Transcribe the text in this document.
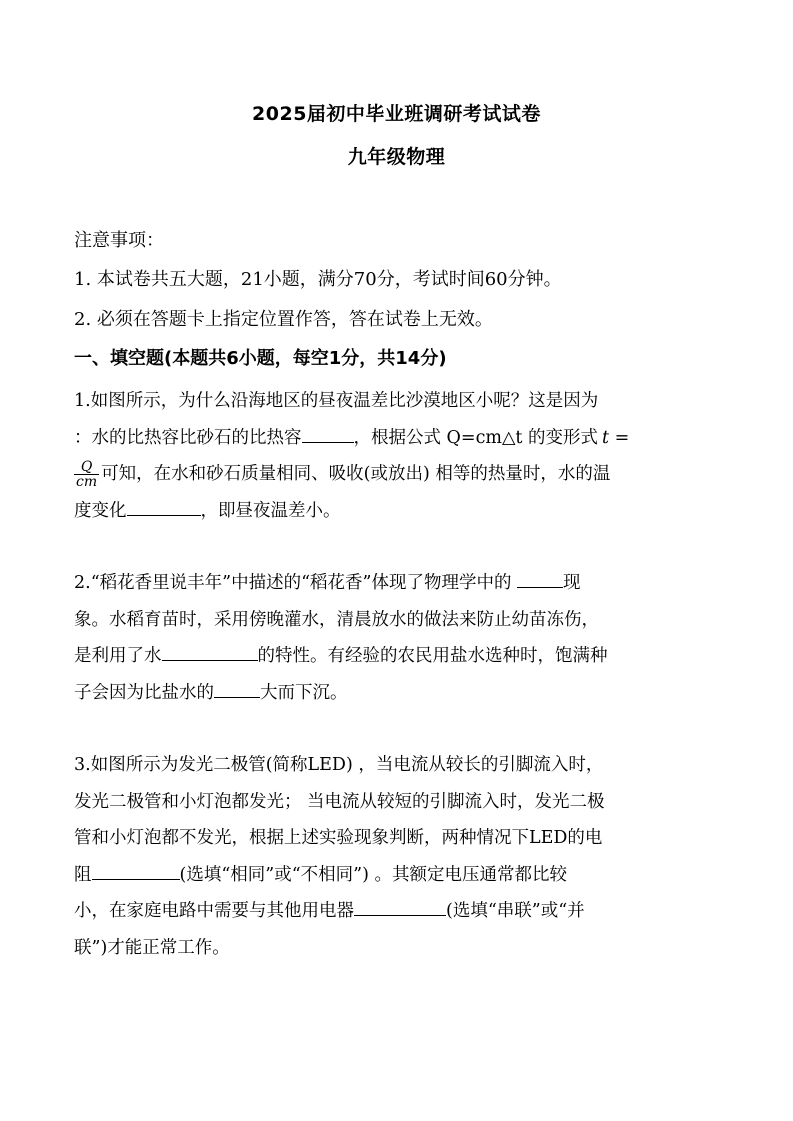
2025届初中毕业班调研考试试卷
九年级物理
注意事项：
1. 本试卷共五大题，21小题，满分70分，考试时间60分钟。
2. 必须在答题卡上指定位置作答，答在试卷上无效。
一、填空题(本题共6小题，每空1分，共14分)
1.如图所示，为什么沿海地区的昼夜温差比沙漠地区小呢？这是因为
：水的比热容比砂石的比热容	，根据公式 Q=cm△t 的变形式 t =
$\frac{Q}{cm}$ 可知，在水和砂石质量相同、吸收(或放出) 相等的热量时，水的温
度变化	，即昼夜温差小。
2.“稻花香里说丰年”中描述的“稻花香”体现了物理学中的	现
象。水稻育苗时，采用傍晚灌水，清晨放水的做法来防止幼苗冻伤，
是利用了水	的特性。有经验的农民用盐水选种时，饱满种
子会因为比盐水的	大而下沉。
3.如图所示为发光二极管(简称LED) ，当电流从较长的引脚流入时，
发光二极管和小灯泡都发光； 当电流从较短的引脚流入时，发光二极
管和小灯泡都不发光，根据上述实验现象判断，两种情况下LED的电
阻	(选填“相同”或“不相同”) 。其额定电压通常都比较
小，在家庭电路中需要与其他用电器	(选填“串联”或“并
联”)才能正常工作。
